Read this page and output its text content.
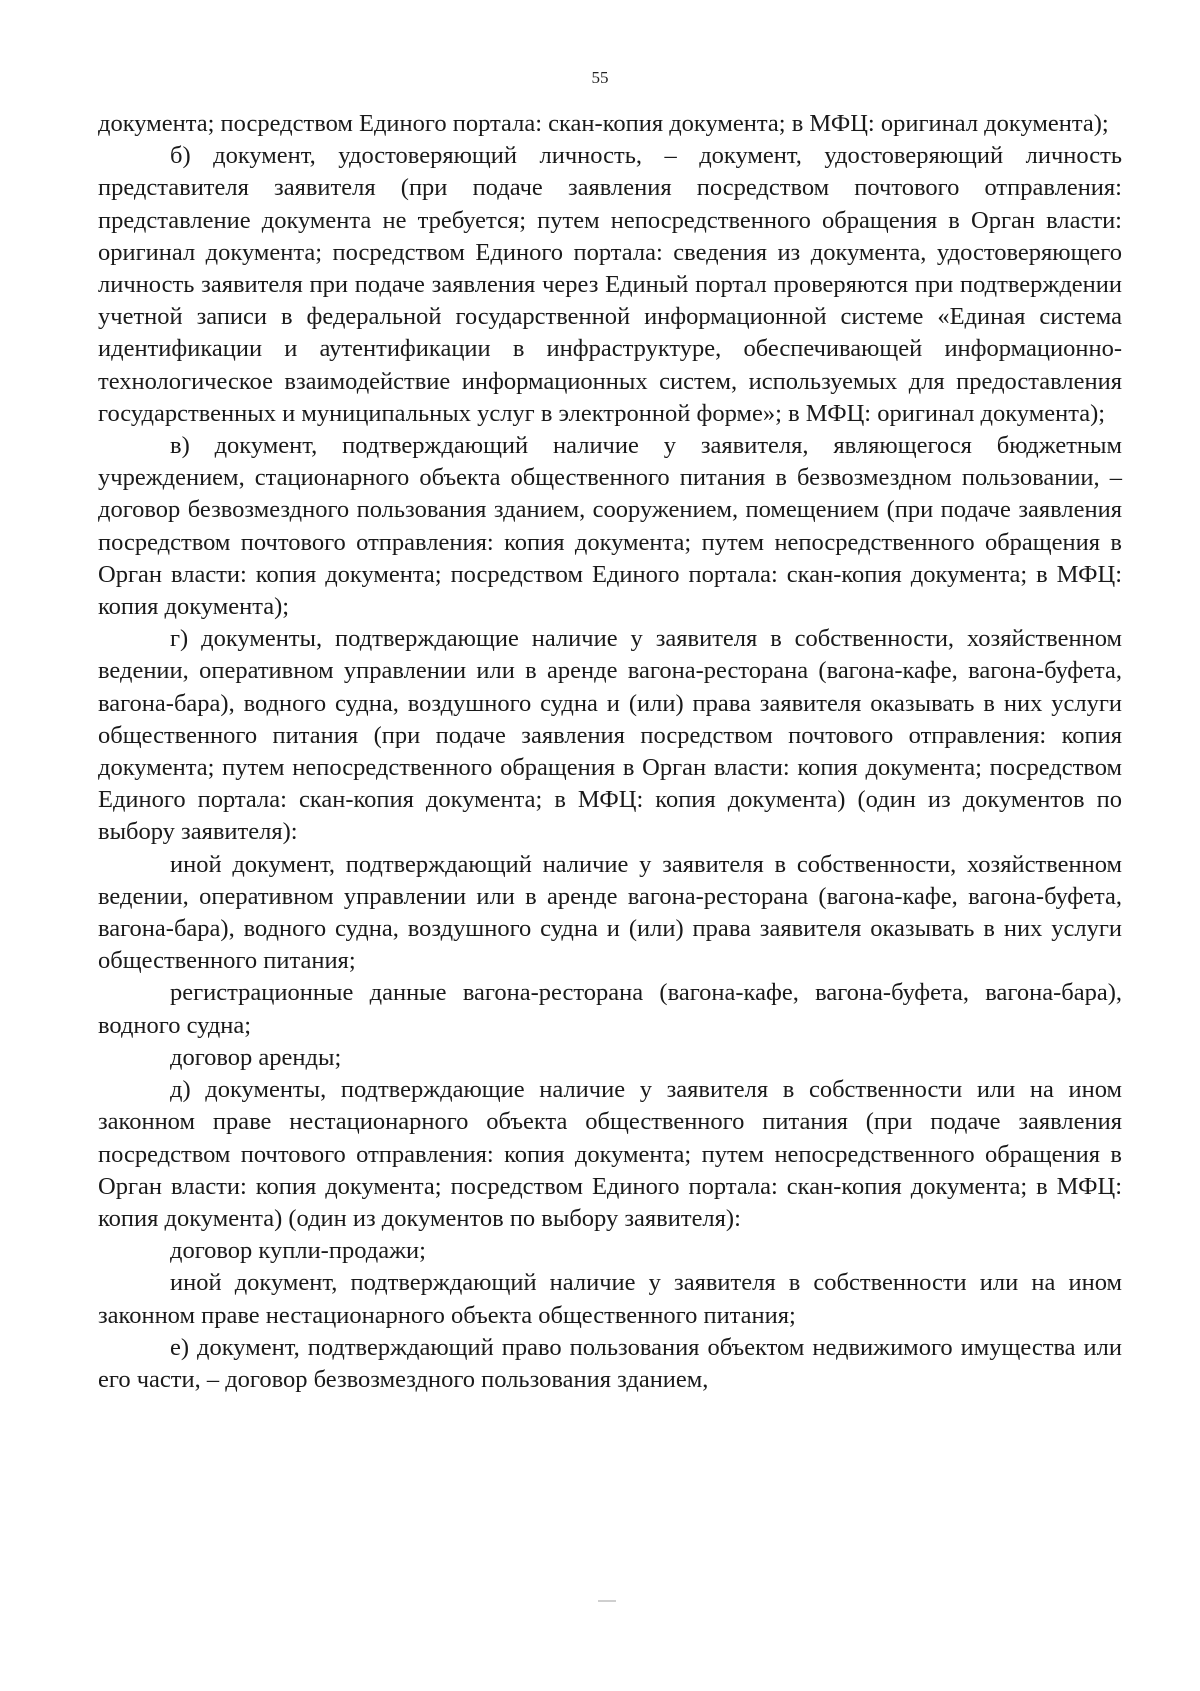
55

документа; посредством Единого портала: скан-копия документа; в МФЦ: оригинал документа);

б) документ, удостоверяющий личность, – документ, удостоверяющий личность представителя заявителя (при подаче заявления посредством почтового отправления: представление документа не требуется; путем непосредственного обращения в Орган власти: оригинал документа; посредством Единого портала: сведения из документа, удостоверяющего личность заявителя при подаче заявления через Единый портал проверяются при подтверждении учетной записи в федеральной государственной информационной системе «Единая система идентификации и аутентификации в инфраструктуре, обеспечивающей информационно-технологическое взаимодействие информационных систем, используемых для предоставления государственных и муниципальных услуг в электронной форме»; в МФЦ: оригинал документа);

в) документ, подтверждающий наличие у заявителя, являющегося бюджетным учреждением, стационарного объекта общественного питания в безвозмездном пользовании, – договор безвозмездного пользования зданием, сооружением, помещением (при подаче заявления посредством почтового отправления: копия документа; путем непосредственного обращения в Орган власти: копия документа; посредством Единого портала: скан-копия документа; в МФЦ: копия документа);

г) документы, подтверждающие наличие у заявителя в собственности, хозяйственном ведении, оперативном управлении или в аренде вагона-ресторана (вагона-кафе, вагона-буфета, вагона-бара), водного судна, воздушного судна и (или) права заявителя оказывать в них услуги общественного питания (при подаче заявления посредством почтового отправления: копия документа; путем непосредственного обращения в Орган власти: копия документа; посредством Единого портала: скан-копия документа; в МФЦ: копия документа) (один из документов по выбору заявителя):

иной документ, подтверждающий наличие у заявителя в собственности, хозяйственном ведении, оперативном управлении или в аренде вагона-ресторана (вагона-кафе, вагона-буфета, вагона-бара), водного судна, воздушного судна и (или) права заявителя оказывать в них услуги общественного питания;

регистрационные данные вагона-ресторана (вагона-кафе, вагона-буфета, вагона-бара), водного судна;

договор аренды;

д) документы, подтверждающие наличие у заявителя в собственности или на ином законном праве нестационарного объекта общественного питания (при подаче заявления посредством почтового отправления: копия документа; путем непосредственного обращения в Орган власти: копия документа; посредством Единого портала: скан-копия документа; в МФЦ: копия документа) (один из документов по выбору заявителя):

договор купли-продажи;

иной документ, подтверждающий наличие у заявителя в собственности или на ином законном праве нестационарного объекта общественного питания;

е) документ, подтверждающий право пользования объектом недвижимого имущества или его части, – договор безвозмездного пользования зданием,
